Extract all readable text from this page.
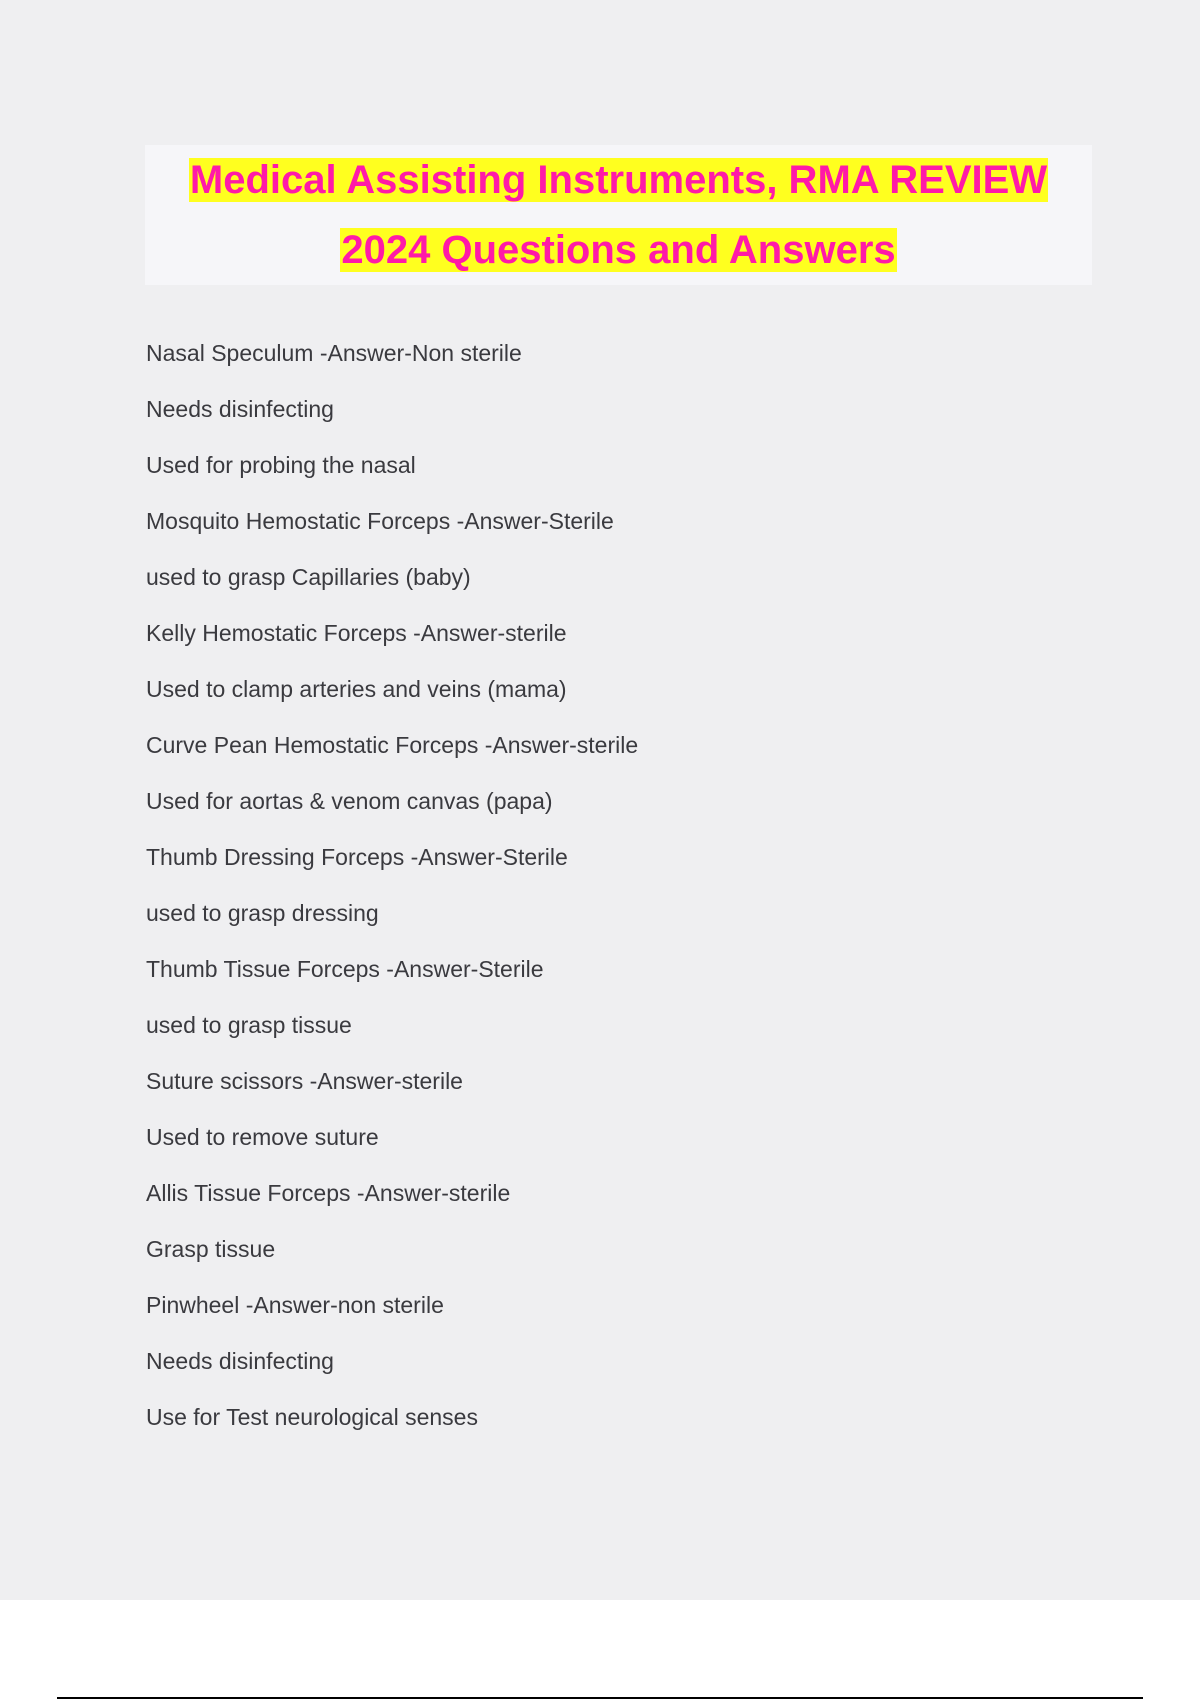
Medical Assisting Instruments, RMA REVIEW
2024 Questions and Answers

Nasal Speculum -Answer-Non sterile

Needs disinfecting

Used for probing the nasal

Mosquito Hemostatic Forceps -Answer-Sterile

used to grasp Capillaries (baby)

Kelly Hemostatic Forceps -Answer-sterile

Used to clamp arteries and veins (mama)

Curve Pean Hemostatic Forceps -Answer-sterile

Used for aortas & venom canvas (papa)

Thumb Dressing Forceps -Answer-Sterile

used to grasp dressing

Thumb Tissue Forceps -Answer-Sterile

used to grasp tissue

Suture scissors -Answer-sterile

Used to remove suture

Allis Tissue Forceps -Answer-sterile

Grasp tissue

Pinwheel -Answer-non sterile

Needs disinfecting

Use for Test neurological senses
